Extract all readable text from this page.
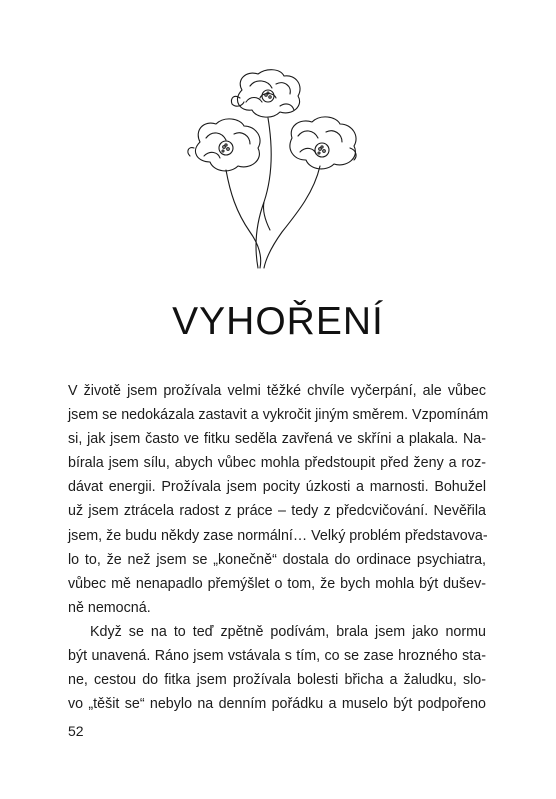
VYHOŘENÍ
V životě jsem prožívala velmi těžké chvíle vyčerpání, ale vůbec
jsem se nedokázala zastavit a vykročit jiným směrem. Vzpomínám
si, jak jsem často ve fitku seděla zavřená ve skříni a plakala. Na-
bírala jsem sílu, abych vůbec mohla předstoupit před ženy a roz-
dávat energii. Prožívala jsem pocity úzkosti a marnosti. Bohužel
už jsem ztrácela radost z práce – tedy z předcvičování. Nevěřila
jsem, že budu někdy zase normální… Velký problém představova-
lo to, že než jsem se „konečně“ dostala do ordinace psychiatra,
vůbec mě nenapadlo přemýšlet o tom, že bych mohla být dušev-
ně nemocná.
Když se na to teď zpětně podívám, brala jsem jako normu
být unavená. Ráno jsem vstávala s tím, co se zase hrozného sta-
ne, cestou do fitka jsem prožívala bolesti břicha a žaludku, slo-
vo „těšit se“ nebylo na denním pořádku a muselo být podpořeno
52
